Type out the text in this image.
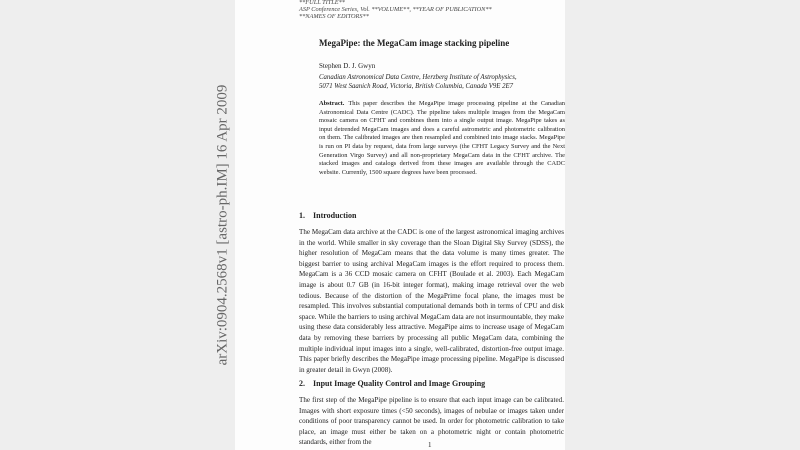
arXiv:0904.2568v1 [astro-ph.IM] 16 Apr 2009
**FULL TITLE**
ASP Conference Series, Vol. **VOLUME**, **YEAR OF PUBLICATION**
**NAMES OF EDITORS**
MegaPipe: the MegaCam image stacking pipeline
Stephen D. J. Gwyn
Canadian Astronomical Data Centre, Herzberg Institute of Astrophysics,
5071 West Saanich Road, Victoria, British Columbia, Canada V9E 2E7

Abstract. This paper describes the MegaPipe image processing pipeline at the Canadian Astronomical Data Centre (CADC). The pipeline takes multiple images from the MegaCam mosaic camera on CFHT and combines them into a single output image. MegaPipe takes as input detrended MegaCam images and does a careful astrometric and photometric calibration on them. The calibrated images are then resampled and combined into image stacks. MegaPipe is run on PI data by request, data from large surveys (the CFHT Legacy Survey and the Next Generation Virgo Survey) and all non-proprietary MegaCam data in the CFHT archive. The stacked images and catalogs derived from these images are available through the CADC website. Currently, 1500 square degrees have been processed.

1. Introduction

The MegaCam data archive at the CADC is one of the largest astronomical imaging archives in the world. While smaller in sky coverage than the Sloan Digital Sky Survey (SDSS), the higher resolution of MegaCam means that the data volume is many times greater. The biggest barrier to using archival MegaCam images is the effort required to process them. MegaCam is a 36 CCD mosaic camera on CFHT (Boulade et al. 2003). Each MegaCam image is about 0.7 GB (in 16-bit integer format), making image retrieval over the web tedious. Because of the distortion of the MegaPrime focal plane, the images must be resampled. This involves substantial computational demands both in terms of CPU and disk space. While the barriers to using archival MegaCam data are not insurmountable, they make using these data considerably less attractive. MegaPipe aims to increase usage of MegaCam data by removing these barriers by processing all public MegaCam data, combining the multiple individual input images into a single, well-calibrated, distortion-free output image. This paper briefly describes the MegaPipe image processing pipeline. MegaPipe is discussed in greater detail in Gwyn (2008).

2. Input Image Quality Control and Image Grouping

The first step of the MegaPipe pipeline is to ensure that each input image can be calibrated. Images with short exposure times (<50 seconds), images of nebulae or images taken under conditions of poor transparency cannot be used. In order for photometric calibration to take place, an image must either be taken on a photometric night or contain photometric standards, either from the	1
